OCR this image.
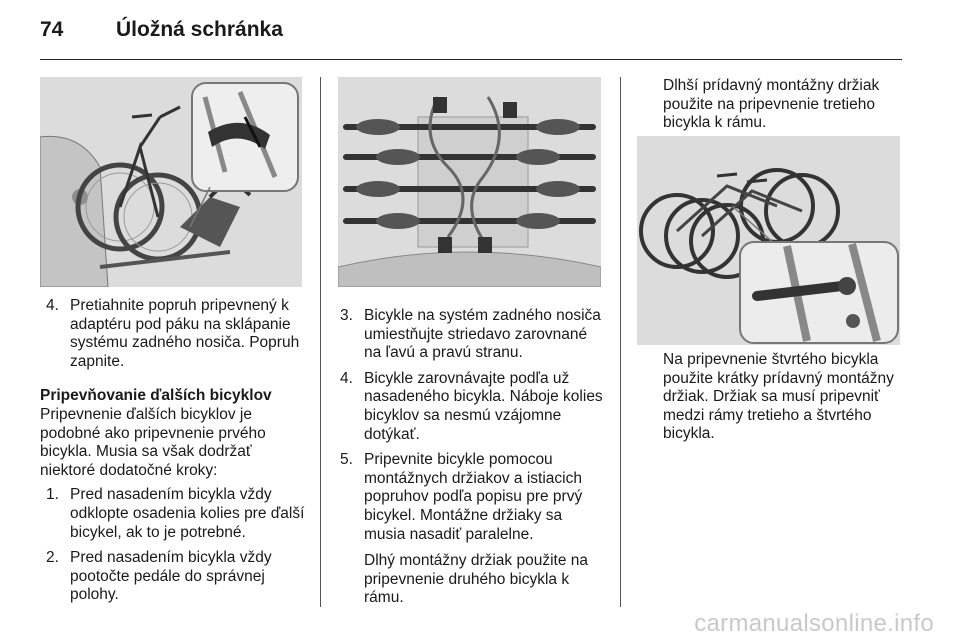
74	Úložná schránka
4. Pretiahnite popruh pripevnený k adaptéru pod páku na sklápanie systému zadného nosiča. Popruh zapnite.

Pripevňovanie ďalších bicyklov

Pripevnenie ďalších bicyklov je podobné ako pripevnenie prvého bicykla. Musia sa však dodržať niektoré dodatočné kroky:

1. Pred nasadením bicykla vždy odklopte osadenia kolies pre ďalší bicykel, ak to je potrebné.
2. Pred nasadením bicykla vždy pootočte pedále do správnej polohy.
3. Bicykle na systém zadného nosiča umiestňujte striedavo zarovnané na ľavú a pravú stranu.
4. Bicykle zarovnávajte podľa už nasadeného bicykla. Náboje kolies bicyklov sa nesmú vzájomne dotýkať.
5. Pripevnite bicykle pomocou montážnych držiakov a istiacich popruhov podľa popisu pre prvý bicykel. Montážne držiaky sa musia nasadiť paralelne.

Dlhý montážny držiak použite na pripevnenie druhého bicykla k rámu.

Dlhší prídavný montážny držiak použite na pripevnenie tretieho bicykla k rámu.

Na pripevnenie štvrtého bicykla použite krátky prídavný montážny držiak. Držiak sa musí pripevniť medzi rámy tretieho a štvrtého bicykla.

carmanualsonline.info
